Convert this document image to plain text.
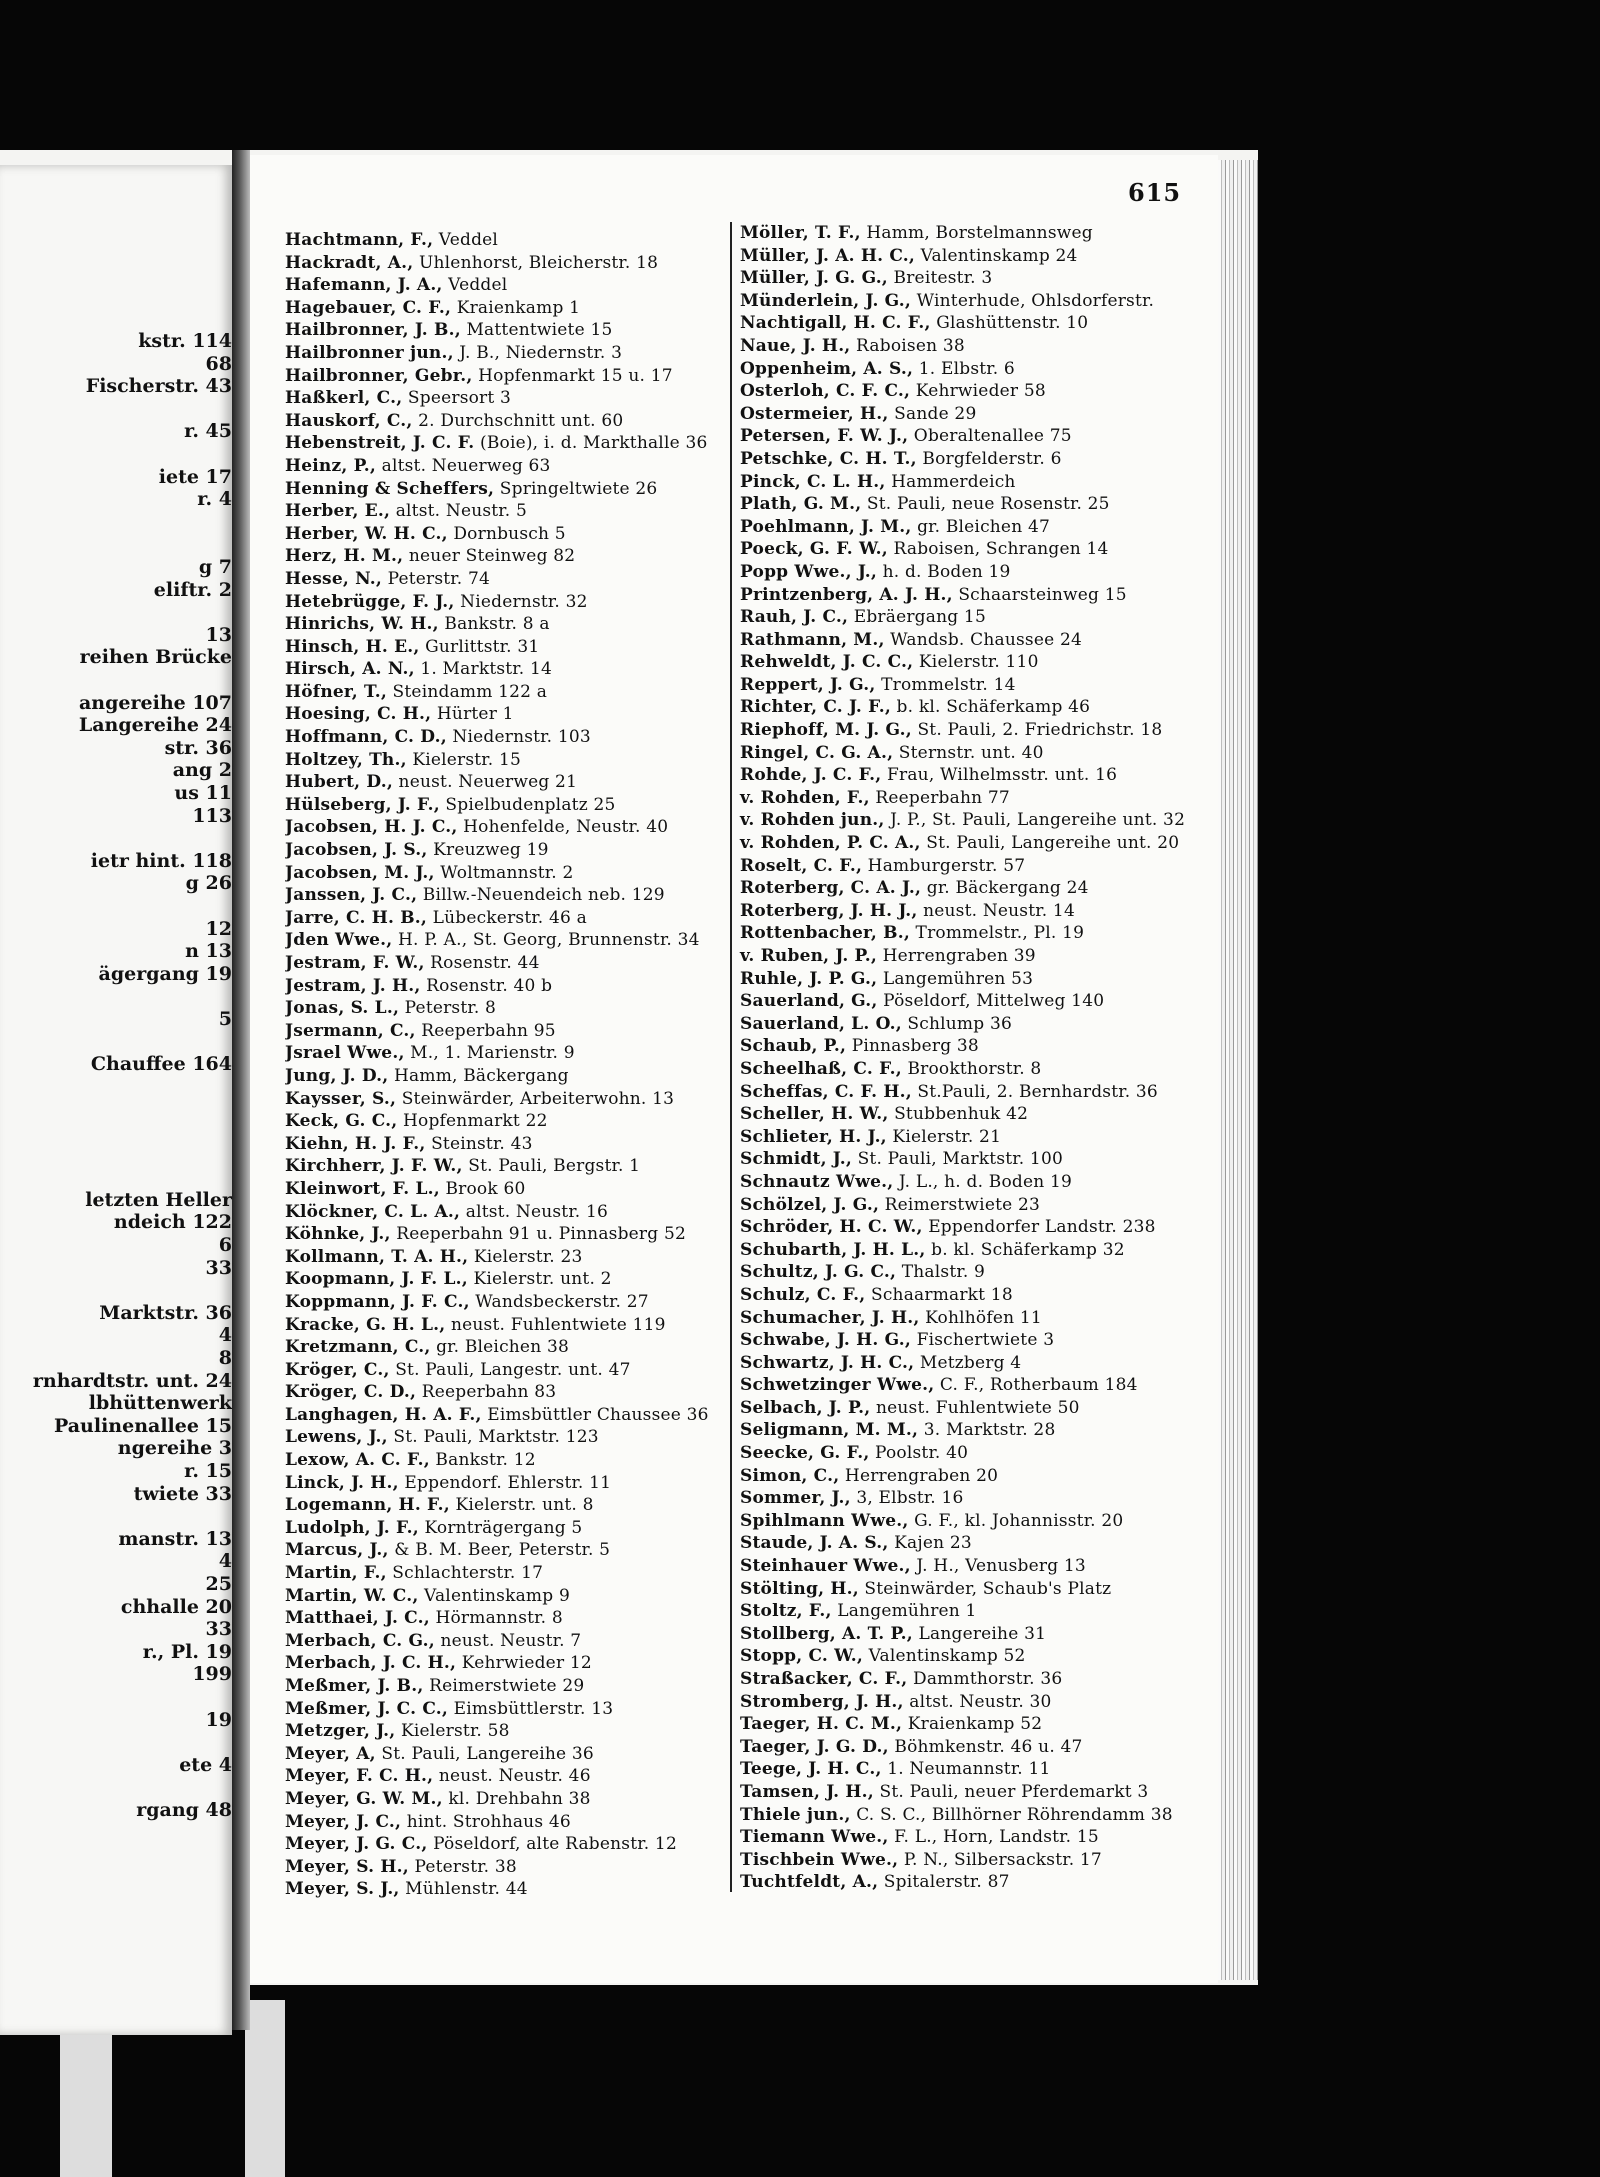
kstr. 114
68
Fischerstr. 43
r. 45
iete 17
r. 4
g 7
eliftr. 2
13
reihen Brücke
angereihe 107
Langereihe 24
str. 36
ang 2
us 11
113
ietr hint. 118
g 26
12
n 13
ägergang 19
5
Chauffee 164
letzten Heller
ndeich 122
6
33
Marktstr. 36
4
8
rnhardtstr. unt. 24
lbhüttenwerk
Paulinenallee 15
ngereihe 3
r. 15
twiete 33
manstr. 13
4
25
chhalle 20
33
r., Pl. 19
199
19
ete 4
rgang 48
615
Hachtmann, F., Veddel
Hackradt, A., Uhlenhorst, Bleicherstr. 18
Hafemann, J. A., Veddel
Hagebauer, C. F., Kraienkamp 1
Hailbronner, J. B., Mattentwiete 15
Hailbronner jun., J. B., Niedernstr. 3
Hailbronner, Gebr., Hopfenmarkt 15 u. 17
Haßkerl, C., Speersort 3
Hauskorf, C., 2. Durchschnitt unt. 60
Hebenstreit, J. C. F. (Boie), i. d. Markthalle 36
Heinz, P., altst. Neuerweg 63
Henning & Scheffers, Springeltwiete 26
Herber, E., altst. Neustr. 5
Herber, W. H. C., Dornbusch 5
Herz, H. M., neuer Steinweg 82
Hesse, N., Peterstr. 74
Hetebrügge, F. J., Niedernstr. 32
Hinrichs, W. H., Bankstr. 8 a
Hinsch, H. E., Gurlittstr. 31
Hirsch, A. N., 1. Marktstr. 14
Höfner, T., Steindamm 122 a
Hoesing, C. H., Hürter 1
Hoffmann, C. D., Niedernstr. 103
Holtzey, Th., Kielerstr. 15
Hubert, D., neust. Neuerweg 21
Hülseberg, J. F., Spielbudenplatz 25
Jacobsen, H. J. C., Hohenfelde, Neustr. 40
Jacobsen, J. S., Kreuzweg 19
Jacobsen, M. J., Woltmannstr. 2
Janssen, J. C., Billw.-Neuendeich neb. 129
Jarre, C. H. B., Lübeckerstr. 46 a
Jden Wwe., H. P. A., St. Georg, Brunnenstr. 34
Jestram, F. W., Rosenstr. 44
Jestram, J. H., Rosenstr. 40 b
Jonas, S. L., Peterstr. 8
Jsermann, C., Reeperbahn 95
Jsrael Wwe., M., 1. Marienstr. 9
Jung, J. D., Hamm, Bäckergang
Kaysser, S., Steinwärder, Arbeiterwohn. 13
Keck, G. C., Hopfenmarkt 22
Kiehn, H. J. F., Steinstr. 43
Kirchherr, J. F. W., St. Pauli, Bergstr. 1
Kleinwort, F. L., Brook 60
Klöckner, C. L. A., altst. Neustr. 16
Köhnke, J., Reeperbahn 91 u. Pinnasberg 52
Kollmann, T. A. H., Kielerstr. 23
Koopmann, J. F. L., Kielerstr. unt. 2
Koppmann, J. F. C., Wandsbeckerstr. 27
Kracke, G. H. L., neust. Fuhlentwiete 119
Kretzmann, C., gr. Bleichen 38
Kröger, C., St. Pauli, Langestr. unt. 47
Kröger, C. D., Reeperbahn 83
Langhagen, H. A. F., Eimsbüttler Chaussee 36
Lewens, J., St. Pauli, Marktstr. 123
Lexow, A. C. F., Bankstr. 12
Linck, J. H., Eppendorf. Ehlerstr. 11
Logemann, H. F., Kielerstr. unt. 8
Ludolph, J. F., Kornträgergang 5
Marcus, J., & B. M. Beer, Peterstr. 5
Martin, F., Schlachterstr. 17
Martin, W. C., Valentinskamp 9
Matthaei, J. C., Hörmannstr. 8
Merbach, C. G., neust. Neustr. 7
Merbach, J. C. H., Kehrwieder 12
Meßmer, J. B., Reimerstwiete 29
Meßmer, J. C. C., Eimsbüttlerstr. 13
Metzger, J., Kielerstr. 58
Meyer, A, St. Pauli, Langereihe 36
Meyer, F. C. H., neust. Neustr. 46
Meyer, G. W. M., kl. Drehbahn 38
Meyer, J. C., hint. Strohhaus 46
Meyer, J. G. C., Pöseldorf, alte Rabenstr. 12
Meyer, S. H., Peterstr. 38
Meyer, S. J., Mühlenstr. 44
Möller, T. F., Hamm, Borstelmannsweg
Müller, J. A. H. C., Valentinskamp 24
Müller, J. G. G., Breitestr. 3
Münderlein, J. G., Winterhude, Ohlsdorferstr.
Nachtigall, H. C. F., Glashüttenstr. 10
Naue, J. H., Raboisen 38
Oppenheim, A. S., 1. Elbstr. 6
Osterloh, C. F. C., Kehrwieder 58
Ostermeier, H., Sande 29
Petersen, F. W. J., Oberaltenallee 75
Petschke, C. H. T., Borgfelderstr. 6
Pinck, C. L. H., Hammerdeich
Plath, G. M., St. Pauli, neue Rosenstr. 25
Poehlmann, J. M., gr. Bleichen 47
Poeck, G. F. W., Raboisen, Schrangen 14
Popp Wwe., J., h. d. Boden 19
Printzenberg, A. J. H., Schaarsteinweg 15
Rauh, J. C., Ebräergang 15
Rathmann, M., Wandsb. Chaussee 24
Rehweldt, J. C. C., Kielerstr. 110
Reppert, J. G., Trommelstr. 14
Richter, C. J. F., b. kl. Schäferkamp 46
Riephoff, M. J. G., St. Pauli, 2. Friedrichstr. 18
Ringel, C. G. A., Sternstr. unt. 40
Rohde, J. C. F., Frau, Wilhelmsstr. unt. 16
v. Rohden, F., Reeperbahn 77
v. Rohden jun., J. P., St. Pauli, Langereihe unt. 32
v. Rohden, P. C. A., St. Pauli, Langereihe unt. 20
Roselt, C. F., Hamburgerstr. 57
Roterberg, C. A. J., gr. Bäckergang 24
Roterberg, J. H. J., neust. Neustr. 14
Rottenbacher, B., Trommelstr., Pl. 19
v. Ruben, J. P., Herrengraben 39
Ruhle, J. P. G., Langemühren 53
Sauerland, G., Pöseldorf, Mittelweg 140
Sauerland, L. O., Schlump 36
Schaub, P., Pinnasberg 38
Scheelhaß, C. F., Brookthorstr. 8
Scheffas, C. F. H., St.Pauli, 2. Bernhardstr. 36
Scheller, H. W., Stubbenhuk 42
Schlieter, H. J., Kielerstr. 21
Schmidt, J., St. Pauli, Marktstr. 100
Schnautz Wwe., J. L., h. d. Boden 19
Schölzel, J. G., Reimerstwiete 23
Schröder, H. C. W., Eppendorfer Landstr. 238
Schubarth, J. H. L., b. kl. Schäferkamp 32
Schultz, J. G. C., Thalstr. 9
Schulz, C. F., Schaarmarkt 18
Schumacher, J. H., Kohlhöfen 11
Schwabe, J. H. G., Fischertwiete 3
Schwartz, J. H. C., Metzberg 4
Schwetzinger Wwe., C. F., Rotherbaum 184
Selbach, J. P., neust. Fuhlentwiete 50
Seligmann, M. M., 3. Marktstr. 28
Seecke, G. F., Poolstr. 40
Simon, C., Herrengraben 20
Sommer, J., 3, Elbstr. 16
Spihlmann Wwe., G. F., kl. Johannisstr. 20
Staude, J. A. S., Kajen 23
Steinhauer Wwe., J. H., Venusberg 13
Stölting, H., Steinwärder, Schaub's Platz
Stoltz, F., Langemühren 1
Stollberg, A. T. P., Langereihe 31
Stopp, C. W., Valentinskamp 52
Straßacker, C. F., Dammthorstr. 36
Stromberg, J. H., altst. Neustr. 30
Taeger, H. C. M., Kraienkamp 52
Taeger, J. G. D., Böhmkenstr. 46 u. 47
Teege, J. H. C., 1. Neumannstr. 11
Tamsen, J. H., St. Pauli, neuer Pferdemarkt 3
Thiele jun., C. S. C., Billhörner Röhrendamm 38
Tiemann Wwe., F. L., Horn, Landstr. 15
Tischbein Wwe., P. N., Silbersackstr. 17
Tuchtfeldt, A., Spitalerstr. 87
